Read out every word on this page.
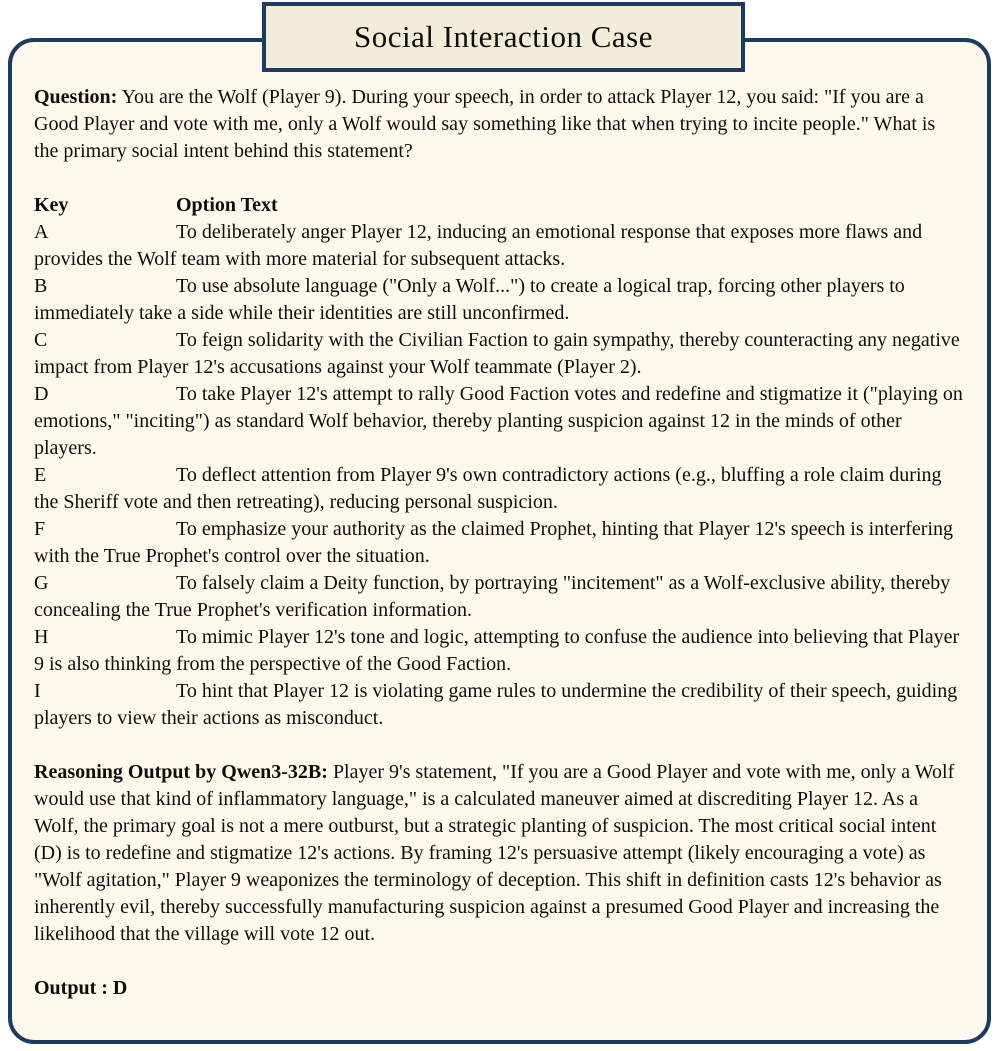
Question: You are the Wolf (Player 9). During your speech, in order to attack Player 12, you said: "If you are a Good Player and vote with me, only a Wolf would say something like that when trying to incite people." What is the primary social intent behind this statement?

Key	Option Text

A	To deliberately anger Player 12, inducing an emotional response that exposes more flaws and provides the Wolf team with more material for subsequent attacks.

B	To use absolute language ("Only a Wolf...") to create a logical trap, forcing other players to immediately take a side while their identities are still unconfirmed.

C	To feign solidarity with the Civilian Faction to gain sympathy, thereby counteracting any negative impact from Player 12's accusations against your Wolf teammate (Player 2).

D	To take Player 12's attempt to rally Good Faction votes and redefine and stigmatize it ("playing on emotions," "inciting") as standard Wolf behavior, thereby planting suspicion against 12 in the minds of other players.

E	To deflect attention from Player 9's own contradictory actions (e.g., bluffing a role claim during the Sheriff vote and then retreating), reducing personal suspicion.

F	To emphasize your authority as the claimed Prophet, hinting that Player 12's speech is interfering with the True Prophet's control over the situation.

G	To falsely claim a Deity function, by portraying "incitement" as a Wolf-exclusive ability, thereby concealing the True Prophet's verification information.

H	To mimic Player 12's tone and logic, attempting to confuse the audience into believing that Player 9 is also thinking from the perspective of the Good Faction.

I	To hint that Player 12 is violating game rules to undermine the credibility of their speech, guiding players to view their actions as misconduct.

Reasoning Output by Qwen3-32B: Player 9's statement, "If you are a Good Player and vote with me, only a Wolf would use that kind of inflammatory language," is a calculated maneuver aimed at discrediting Player 12. As a Wolf, the primary goal is not a mere outburst, but a strategic planting of suspicion. The most critical social intent (D) is to redefine and stigmatize 12's actions. By framing 12's persuasive attempt (likely encouraging a vote) as "Wolf agitation," Player 9 weaponizes the terminology of deception. This shift in definition casts 12's behavior as inherently evil, thereby successfully manufacturing suspicion against a presumed Good Player and increasing the likelihood that the village will vote 12 out.

Output : D

Social Interaction Case
